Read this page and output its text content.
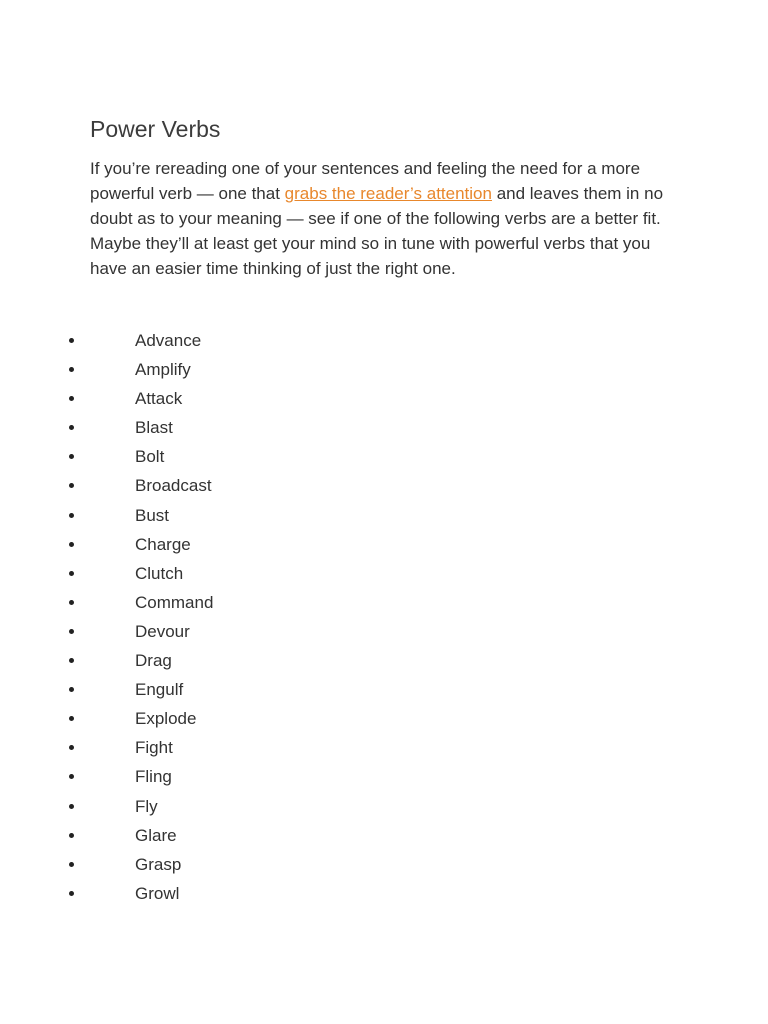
Power Verbs

If you’re rereading one of your sentences and feeling the need for a more powerful verb — one that grabs the reader’s attention and leaves them in no doubt as to your meaning — see if one of the following verbs are a better fit.

Maybe they’ll at least get your mind so in tune with powerful verbs that you have an easier time thinking of just the right one.

Advance
Amplify
Attack
Blast
Bolt
Broadcast
Bust
Charge
Clutch
Command
Devour
Drag
Engulf
Explode
Fight
Fling
Fly
Glare
Grasp
Growl
